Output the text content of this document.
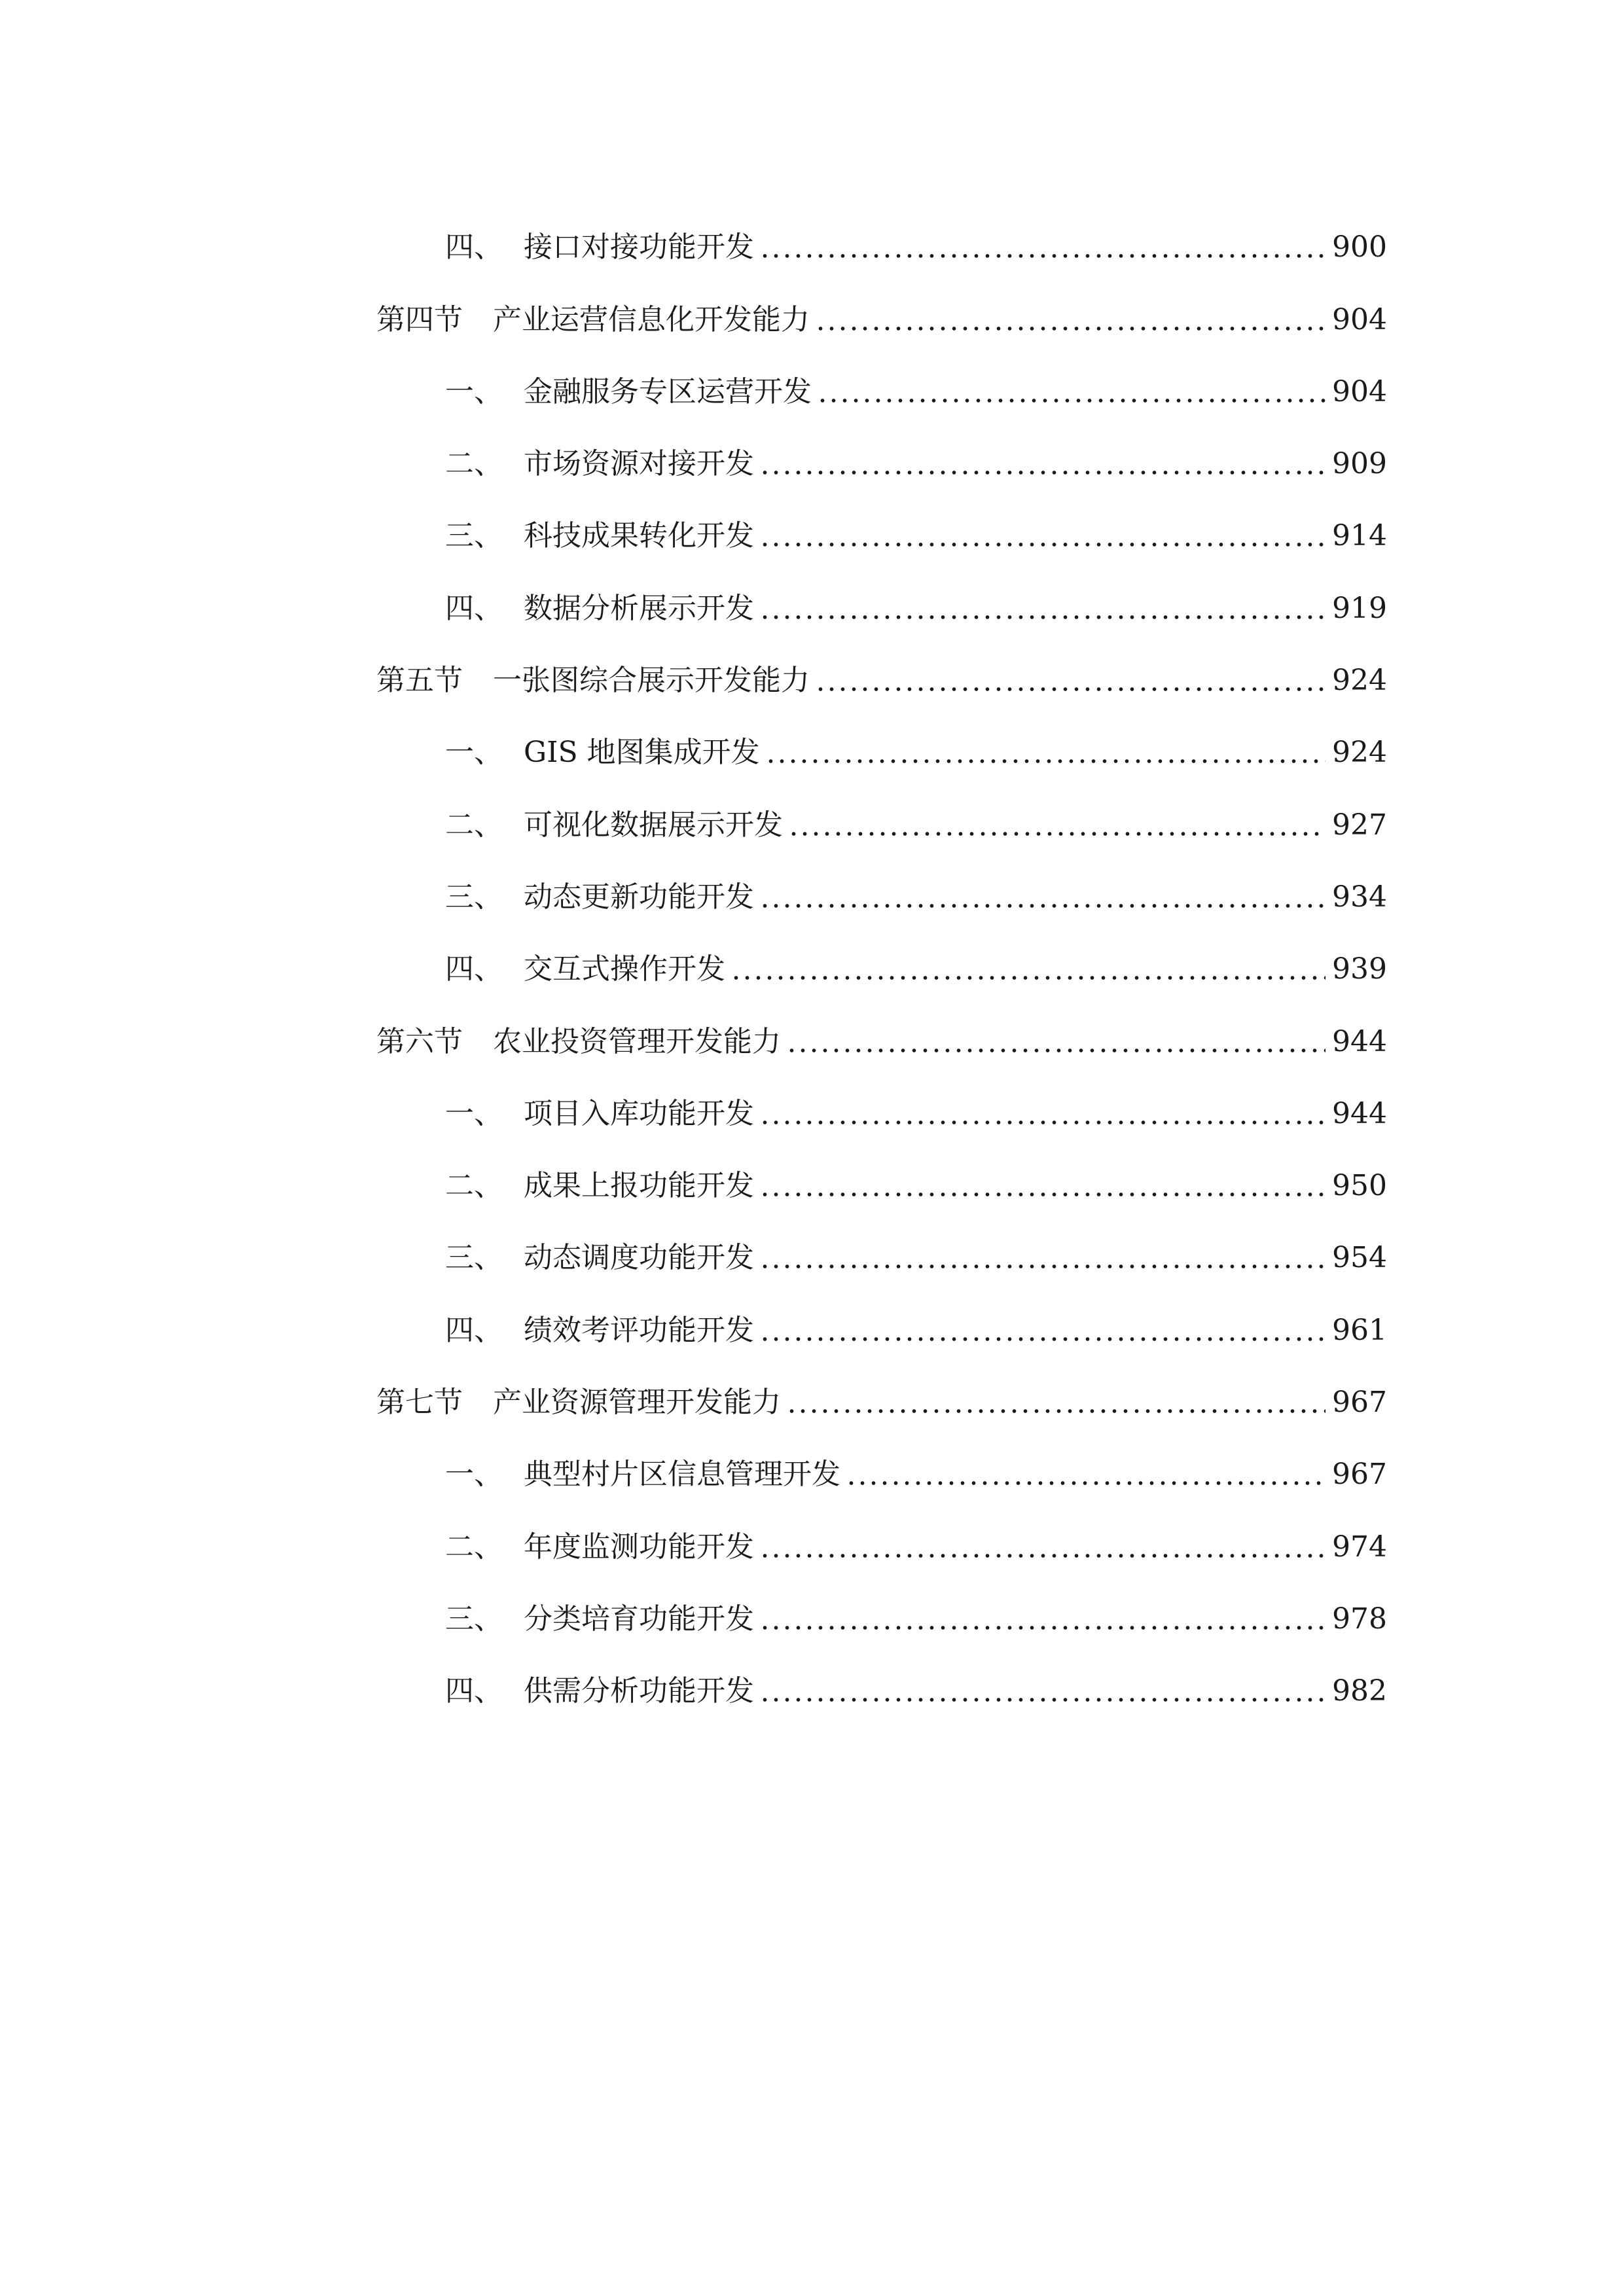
四、 接口对接功能开发	900
第四节	产业运营信息化开发能力	904
一、 金融服务专区运营开发	904
二、 市场资源对接开发	909
三、 科技成果转化开发	914
四、 数据分析展示开发	919
第五节	一张图综合展示开发能力	924
一、 GIS 地图集成开发	924
二、 可视化数据展示开发	927
三、 动态更新功能开发	934
四、 交互式操作开发	939
第六节	农业投资管理开发能力	944
一、 项目入库功能开发	944
二、 成果上报功能开发	950
三、 动态调度功能开发	954
四、 绩效考评功能开发	961
第七节	产业资源管理开发能力	967
一、 典型村片区信息管理开发	967
二、 年度监测功能开发	974
三、 分类培育功能开发	978
四、 供需分析功能开发	982
